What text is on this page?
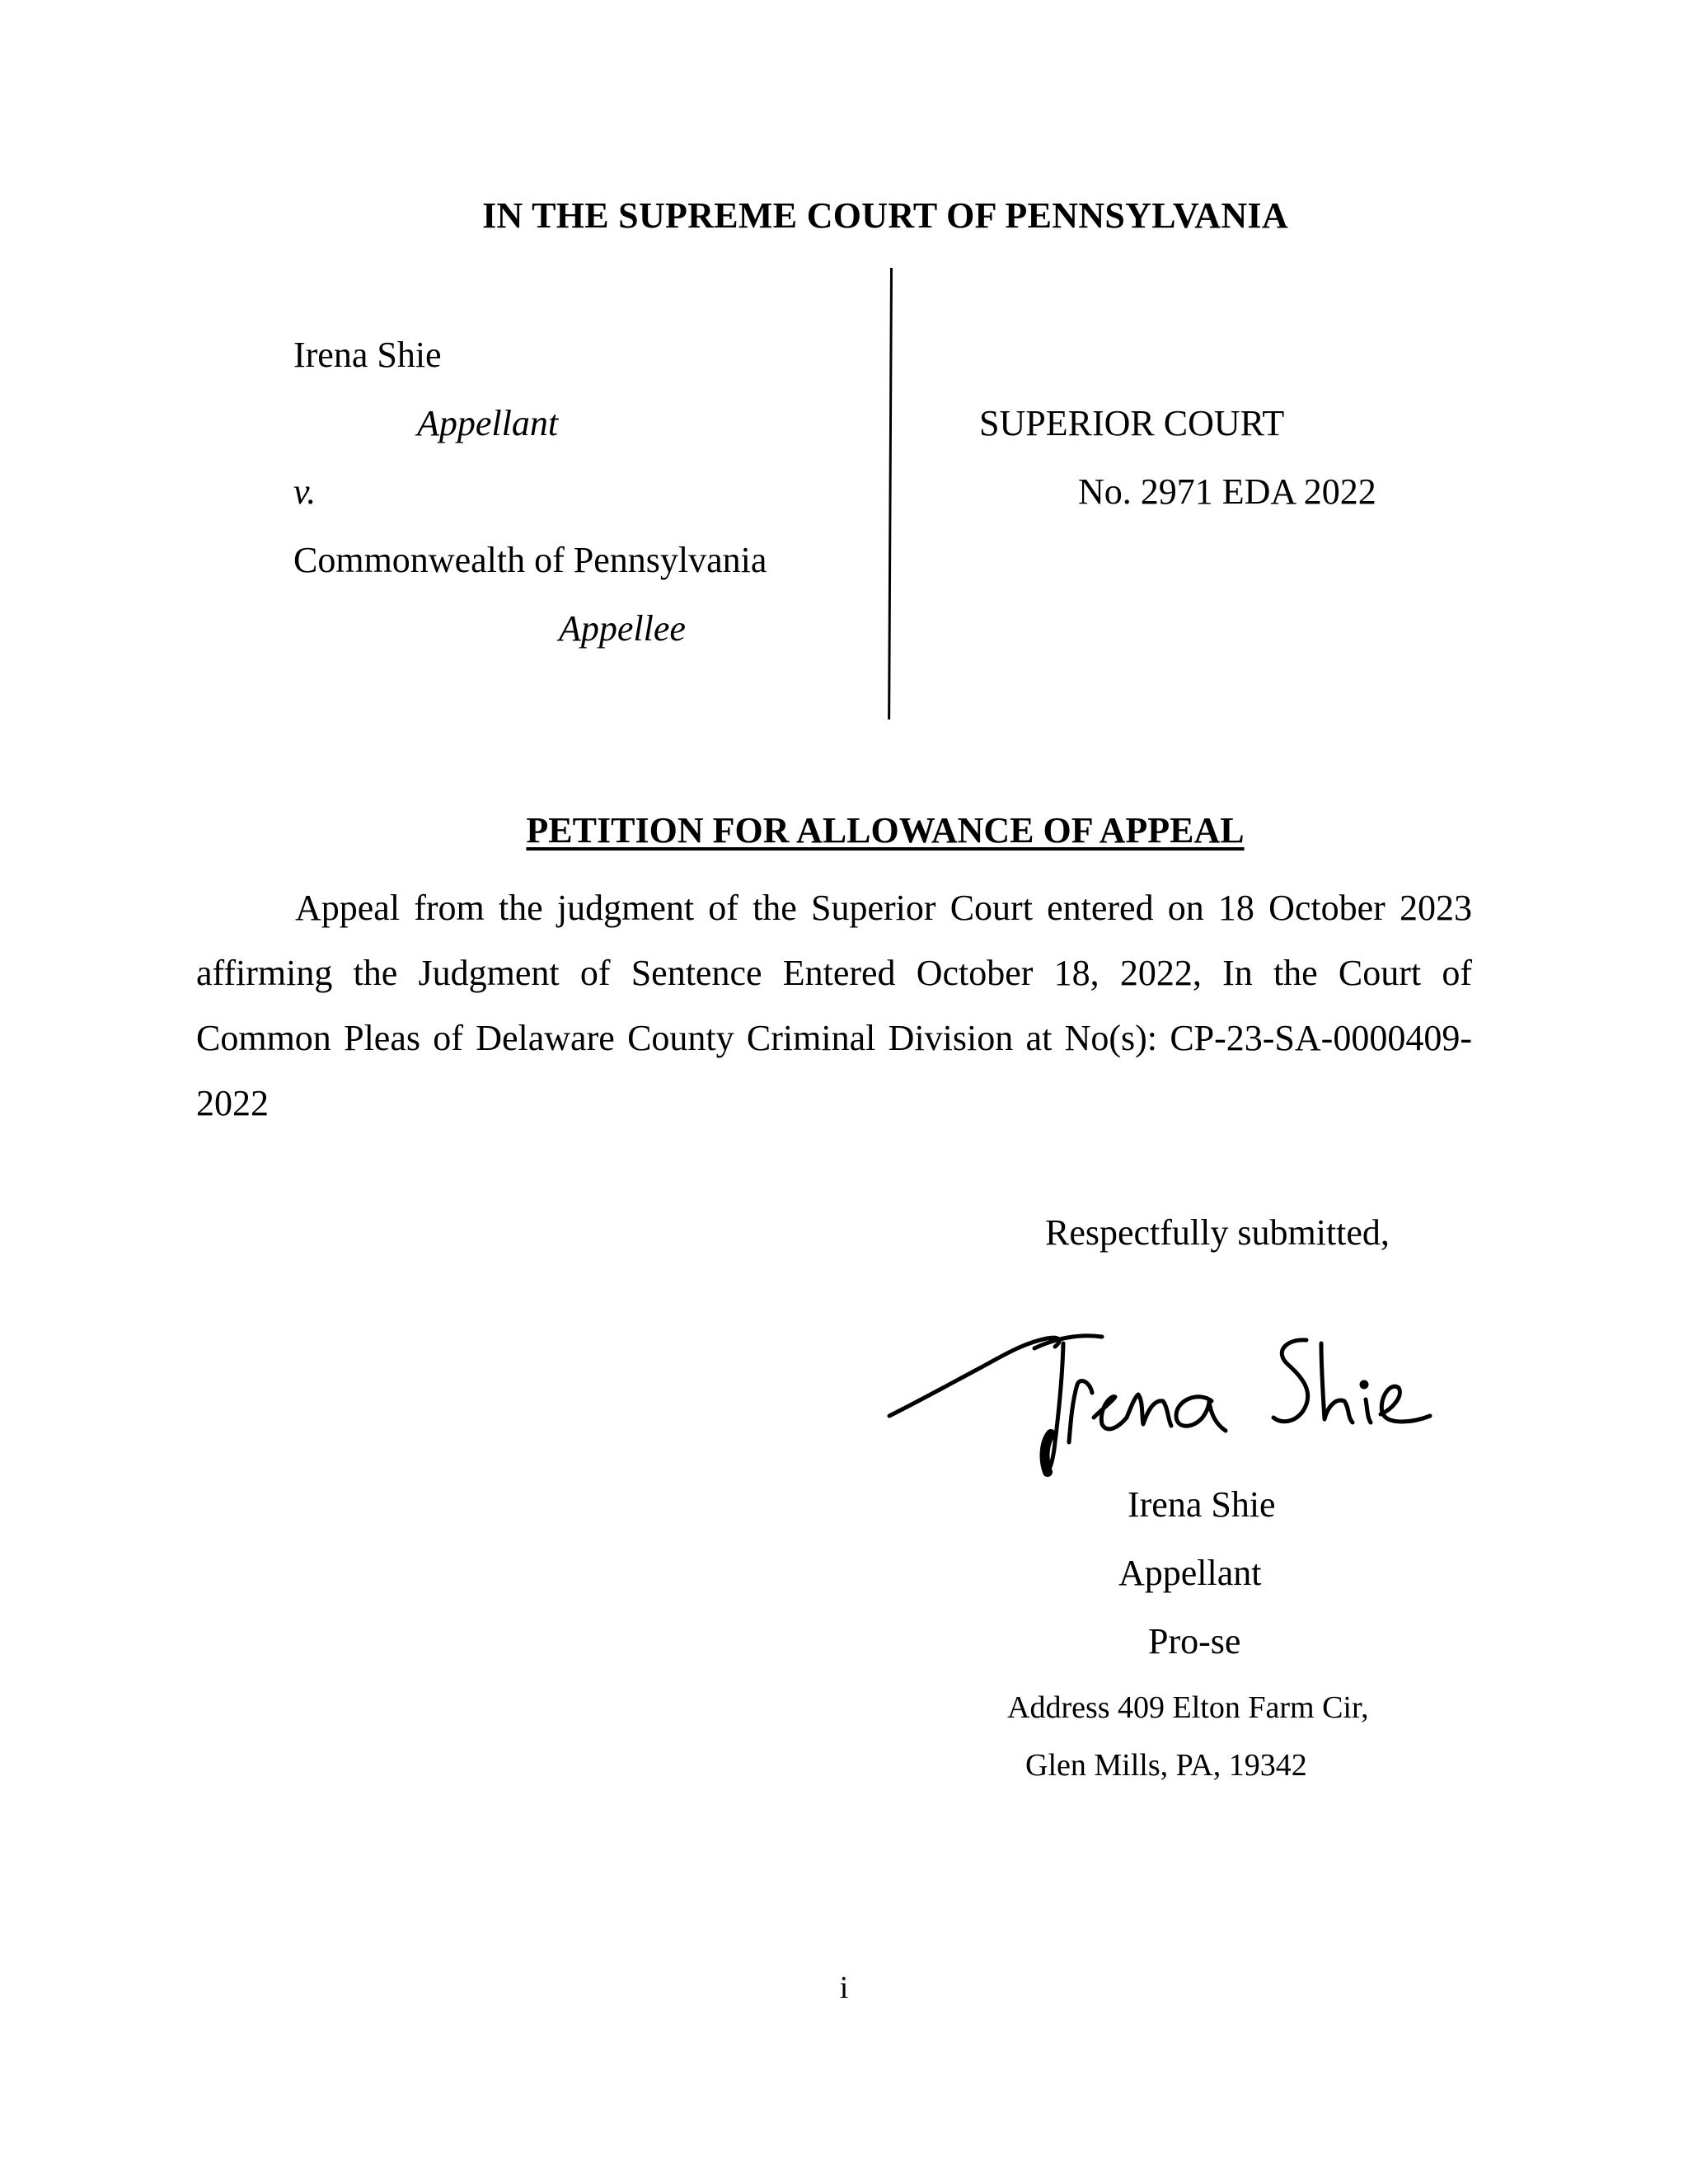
IN THE SUPREME COURT OF PENNSYLVANIA
Irena Shie
Appellant
v.
Commonwealth of Pennsylvania
Appellee
SUPERIOR COURT
No. 2971 EDA 2022
PETITION FOR ALLOWANCE OF APPEAL
Appeal from the judgment of the Superior Court entered on 18 October 2023 affirming the Judgment of Sentence Entered October 18, 2022, In the Court of Common Pleas of Delaware County Criminal Division at No(s): CP-23-SA-0000409-2022
Respectfully submitted,
Irena Shie
Appellant
Pro-se
Address 409 Elton Farm Cir,
Glen Mills, PA, 19342
i
